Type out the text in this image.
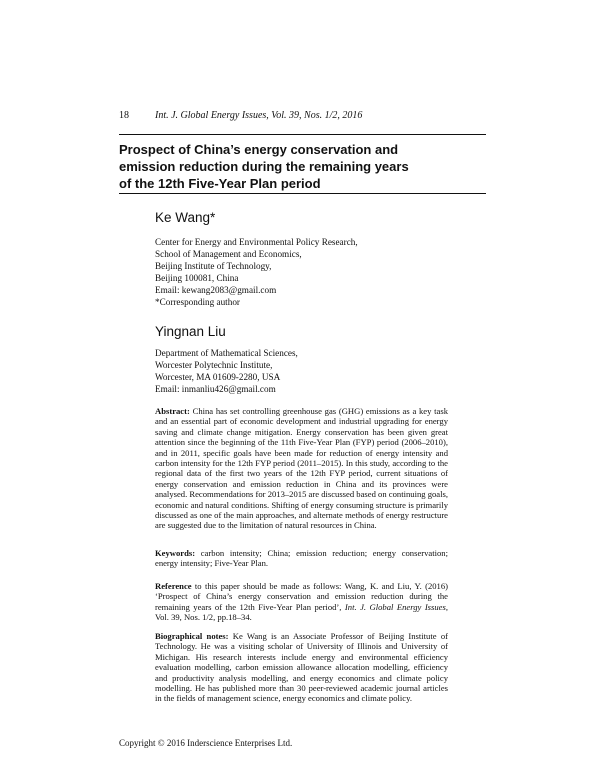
18	Int. J. Global Energy Issues, Vol. 39, Nos. 1/2, 2016
Prospect of China’s energy conservation and
emission reduction during the remaining years
of the 12th Five-Year Plan period
Ke Wang*
Center for Energy and Environmental Policy Research,
School of Management and Economics,
Beijing Institute of Technology,
Beijing 100081, China
Email: kewang2083@gmail.com
*Corresponding author
Yingnan Liu
Department of Mathematical Sciences,
Worcester Polytechnic Institute,
Worcester, MA 01609-2280, USA
Email: inmanliu426@gmail.com
Abstract: China has set controlling greenhouse gas (GHG) emissions as a key task and an essential part of economic development and industrial upgrading for energy saving and climate change mitigation. Energy conservation has been given great attention since the beginning of the 11th Five-Year Plan (FYP) period (2006–2010), and in 2011, specific goals have been made for reduction of energy intensity and carbon intensity for the 12th FYP period (2011–2015). In this study, according to the regional data of the first two years of the 12th FYP period, current situations of energy conservation and emission reduction in China and its provinces were analysed. Recommendations for 2013–2015 are discussed based on continuing goals, economic and natural conditions. Shifting of energy consuming structure is primarily discussed as one of the main approaches, and alternate methods of energy restructure are suggested due to the limitation of natural resources in China.
Keywords: carbon intensity; China; emission reduction; energy conservation; energy intensity; Five-Year Plan.
Reference to this paper should be made as follows: Wang, K. and Liu, Y. (2016) ‘Prospect of China’s energy conservation and emission reduction during the remaining years of the 12th Five-Year Plan period’, Int. J. Global Energy Issues, Vol. 39, Nos. 1/2, pp.18–34.
Biographical notes: Ke Wang is an Associate Professor of Beijing Institute of Technology. He was a visiting scholar of University of Illinois and University of Michigan. His research interests include energy and environmental efficiency evaluation modelling, carbon emission allowance allocation modelling, efficiency and productivity analysis modelling, and energy economics and climate policy modelling. He has published more than 30 peer-reviewed academic journal articles in the fields of management science, energy economics and climate policy.
Copyright © 2016 Inderscience Enterprises Ltd.
